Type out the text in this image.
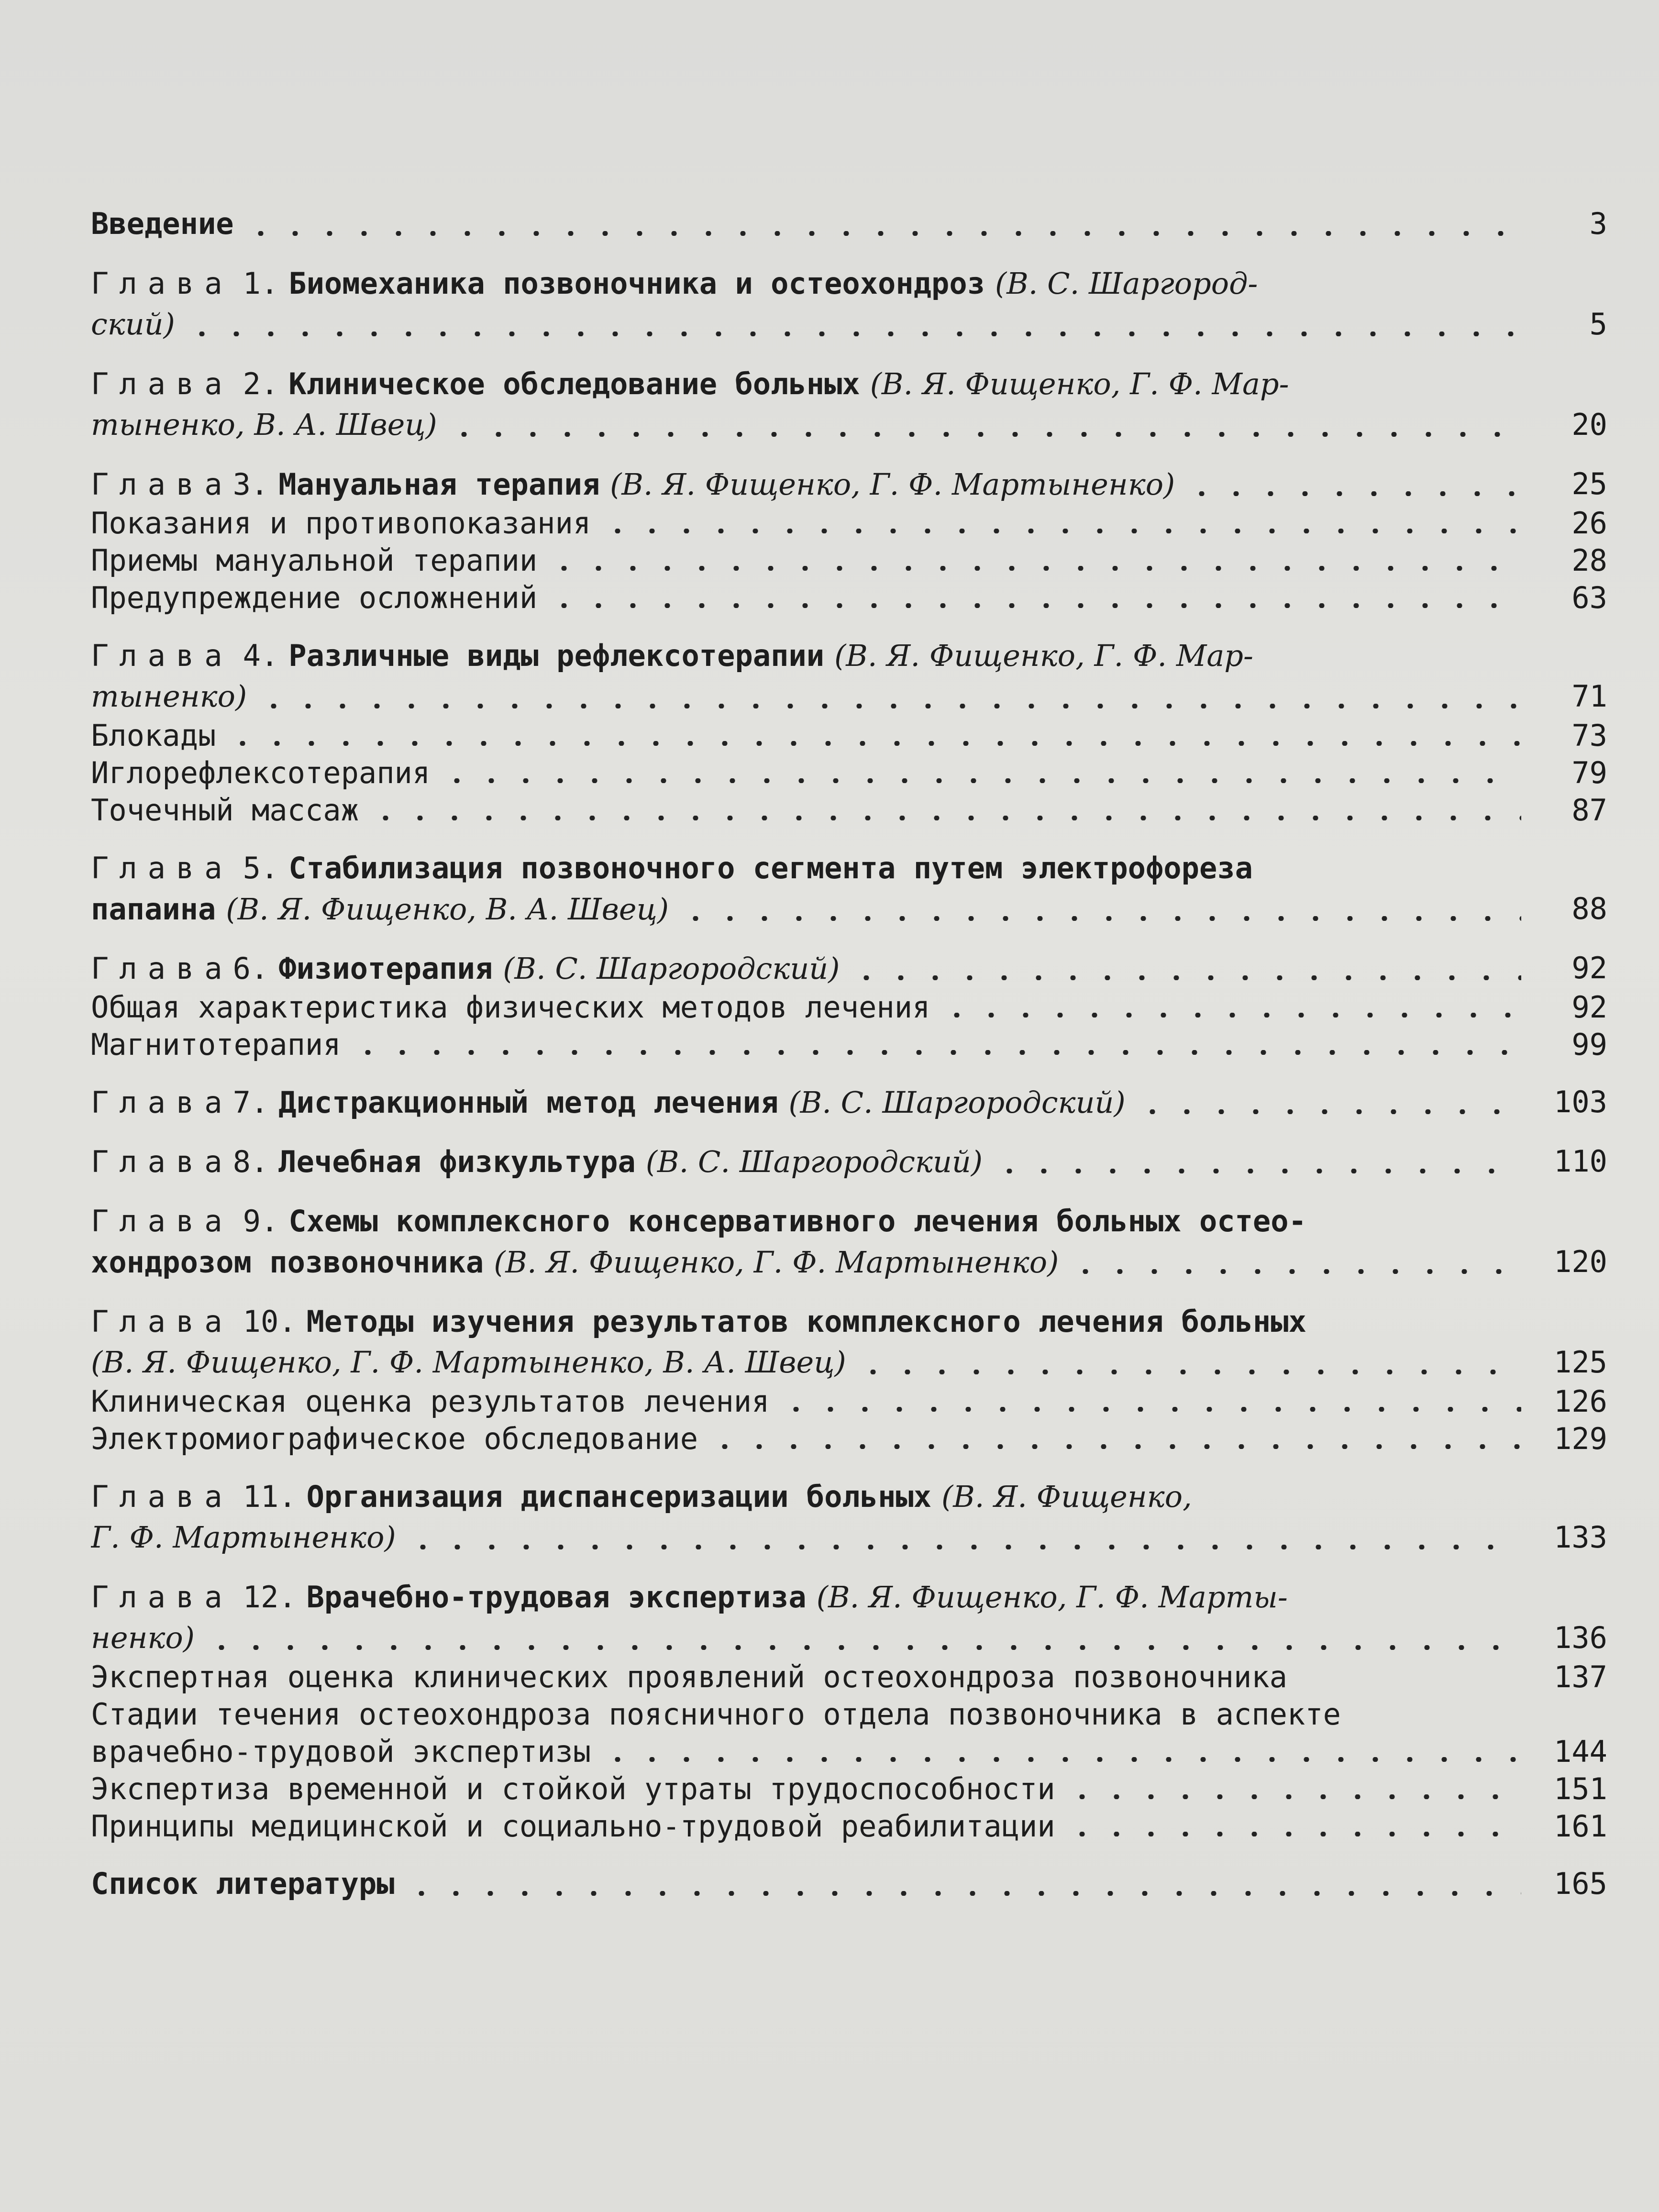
Введение	3
Глава 1. Биомеханика позвоночника и остеохондроз (В. С. Шаргород-
ский)	5
Глава 2. Клиническое обследование больных (В. Я. Фищенко, Г. Ф. Мар-
тыненко, В. А. Швец)	20
Глава 3.
Мануальная терапия
(В. Я. Фищенко, Г. Ф. Мартыненко)	25
Показания и противопоказания	26
Приемы мануальной терапии	28
Предупреждение осложнений	63
Глава 4. Различные виды рефлексотерапии (В. Я. Фищенко, Г. Ф. Мар-
тыненко)	71
Блокады	73
Иглорефлексотерапия	79
Точечный массаж	87
Глава 5. Стабилизация позвоночного сегмента путем электрофореза
папаина
(В. Я. Фищенко, В. А. Швец)	88
Глава 6.
Физиотерапия
(В. С. Шаргородский)	92
Общая характеристика физических методов лечения	92
Магнитотерапия	99
Глава 7.
Дистракционный метод лечения
(В. С. Шаргородский)	103
Глава 8.
Лечебная физкультура
(В. С. Шаргородский)	110
Глава 9. Схемы комплексного консервативного лечения больных остео-
хондрозом позвоночника
(В. Я. Фищенко, Г. Ф. Мартыненко)	120
Глава 10. Методы изучения результатов комплексного лечения больных
(В. Я. Фищенко, Г. Ф. Мартыненко, В. А. Швец)	125
Клиническая оценка результатов лечения	126
Электромиографическое обследование	129
Глава 11. Организация диспансеризации больных (В. Я. Фищенко,
Г. Ф. Мартыненко)	133
Глава 12. Врачебно-трудовая экспертиза (В. Я. Фищенко, Г. Ф. Марты-
ненко)	136
Экспертная оценка клинических проявлений остеохондроза позвоночника	137
Стадии течения остеохондроза поясничного отдела позвоночника в аспекте
врачебно-трудовой экспертизы	144
Экспертиза временной и стойкой утраты трудоспособности	151
Принципы медицинской и социально-трудовой реабилитации	161
Список литературы	165
